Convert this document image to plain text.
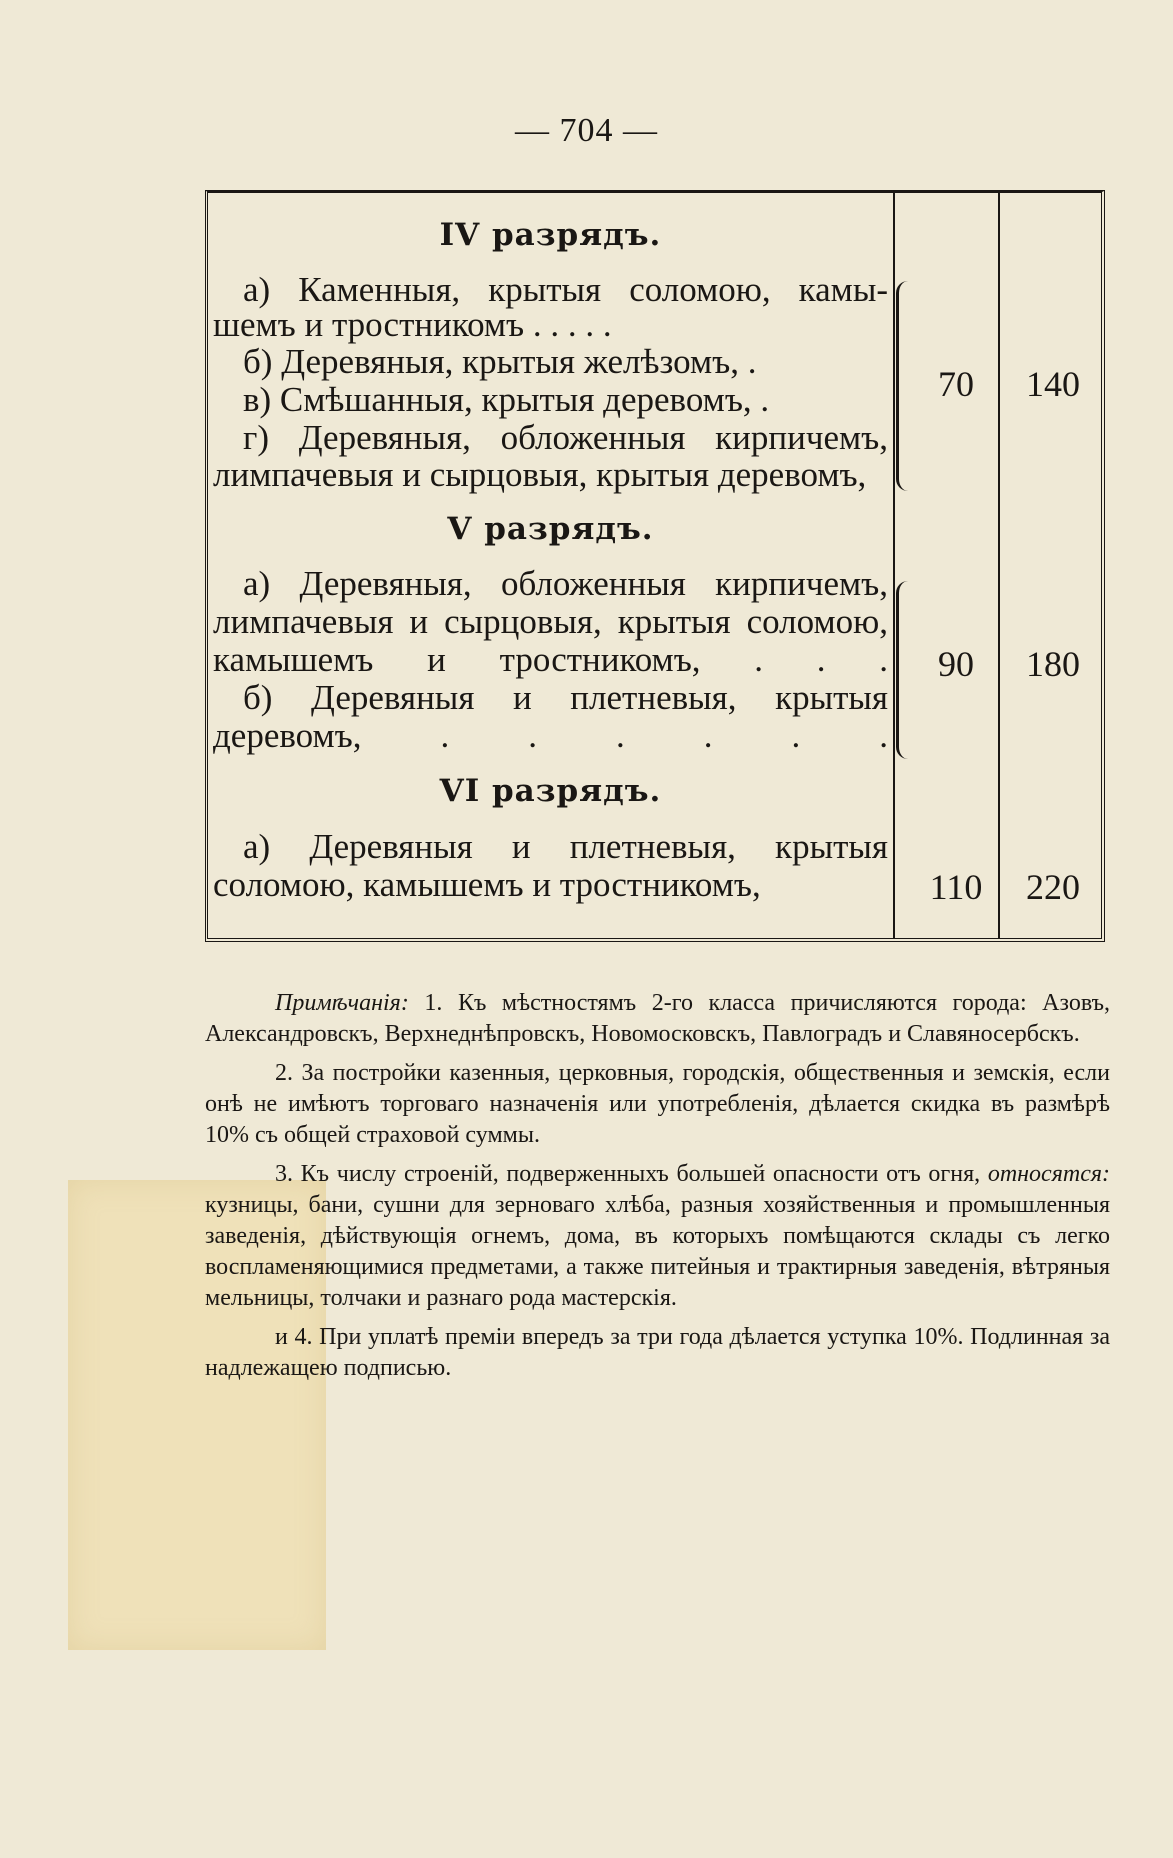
— 704 —
IV разрядъ.
а) Каменныя, крытыя соломою, камы-
шемъ и тростникомъ . . . . .
б) Деревяныя, крытыя желѣзомъ, .
в) Смѣшанныя, крытыя деревомъ, .
г) Деревяныя, обложенныя кирпичемъ,
лимпачевыя и сырцовыя, крытыя деревомъ,
70	140
V разрядъ.
а) Деревяныя, обложенныя кирпичемъ,
лимпачевыя и сырцовыя, крытыя соломою,
камышемъ и тростникомъ, . . .
б) Деревяныя и плетневыя, крытыя
деревомъ, . . . . . .
90	180
VI разрядъ.
а) Деревяныя и плетневыя, крытыя
соломою, камышемъ и тростникомъ,	110	220

Примѣчанія: 1. Къ мѣстностямъ 2-го класса причисляются города: Азовъ, Александровскъ, Верхнеднѣпровскъ, Новомосковскъ, Павлоградъ и Славяносербскъ.

2. За постройки казенныя, церковныя, городскія, общественныя и земскія, если онѣ не имѣютъ торговаго назначенія или употребленія, дѣлается скидка въ размѣрѣ 10% съ общей страховой суммы.

3. Къ числу строеній, подверженныхъ большей опасности отъ огня, относятся: кузницы, бани, сушни для зерноваго хлѣба, разныя хозяйственныя и промышленныя заведенія, дѣйствующія огнемъ, дома, въ которыхъ помѣщаются склады съ легко воспламеняющимися предметами, а также питейныя и трактирныя заведенія, вѣтряныя мельницы, толчаки и разнаго рода мастерскія.

и 4. При уплатѣ преміи впередъ за три года дѣлается уступка 10%. Подлинная за надлежащею подписью.
